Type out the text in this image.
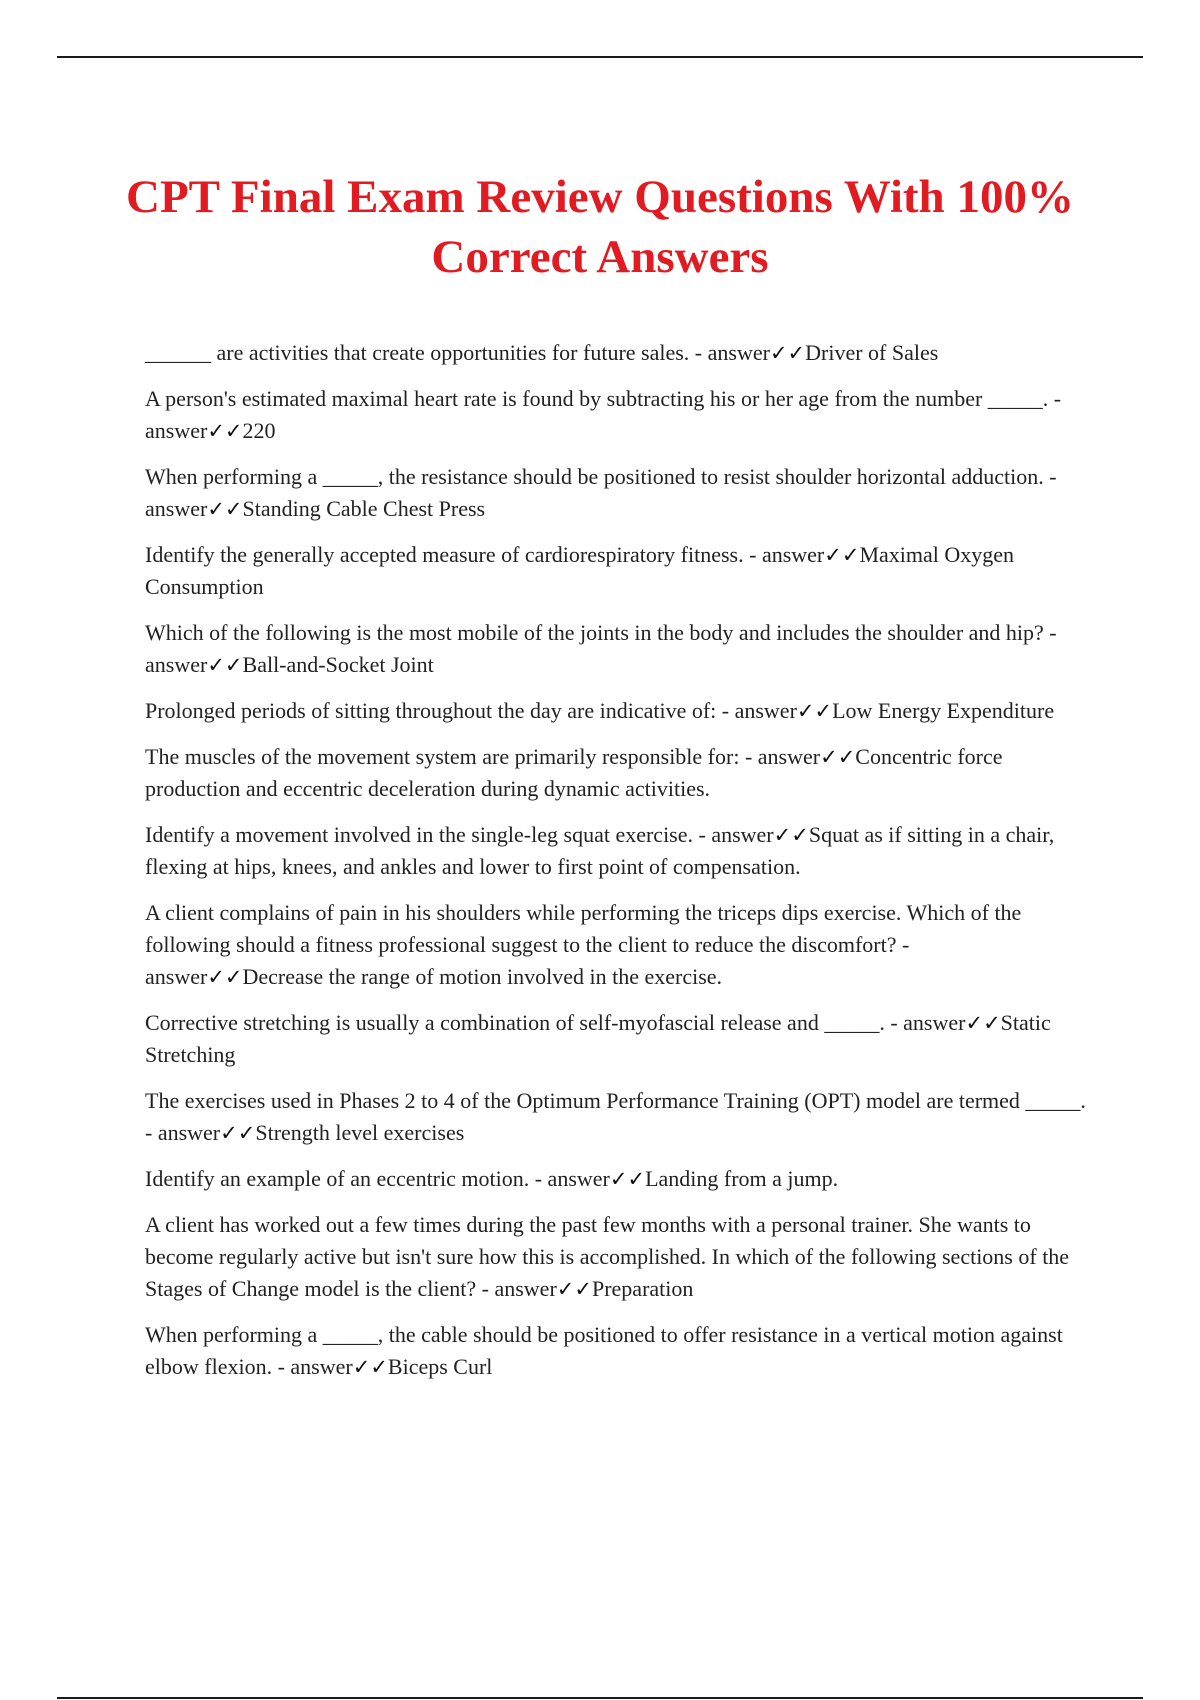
CPT Final Exam Review Questions With 100% Correct Answers
______ are activities that create opportunities for future sales. - answer✓✓Driver of Sales
A person's estimated maximal heart rate is found by subtracting his or her age from the number _____. - answer✓✓220
When performing a _____, the resistance should be positioned to resist shoulder horizontal adduction. - answer✓✓Standing Cable Chest Press
Identify the generally accepted measure of cardiorespiratory fitness. - answer✓✓Maximal Oxygen Consumption
Which of the following is the most mobile of the joints in the body and includes the shoulder and hip? - answer✓✓Ball-and-Socket Joint
Prolonged periods of sitting throughout the day are indicative of: - answer✓✓Low Energy Expenditure
The muscles of the movement system are primarily responsible for: - answer✓✓Concentric force production and eccentric deceleration during dynamic activities.
Identify a movement involved in the single-leg squat exercise. - answer✓✓Squat as if sitting in a chair, flexing at hips, knees, and ankles and lower to first point of compensation.
A client complains of pain in his shoulders while performing the triceps dips exercise. Which of the following should a fitness professional suggest to the client to reduce the discomfort? - answer✓✓Decrease the range of motion involved in the exercise.
Corrective stretching is usually a combination of self-myofascial release and _____. - answer✓✓Static Stretching
The exercises used in Phases 2 to 4 of the Optimum Performance Training (OPT) model are termed _____. - answer✓✓Strength level exercises
Identify an example of an eccentric motion. - answer✓✓Landing from a jump.
A client has worked out a few times during the past few months with a personal trainer. She wants to become regularly active but isn't sure how this is accomplished. In which of the following sections of the Stages of Change model is the client? - answer✓✓Preparation
When performing a _____, the cable should be positioned to offer resistance in a vertical motion against elbow flexion. - answer✓✓Biceps Curl
